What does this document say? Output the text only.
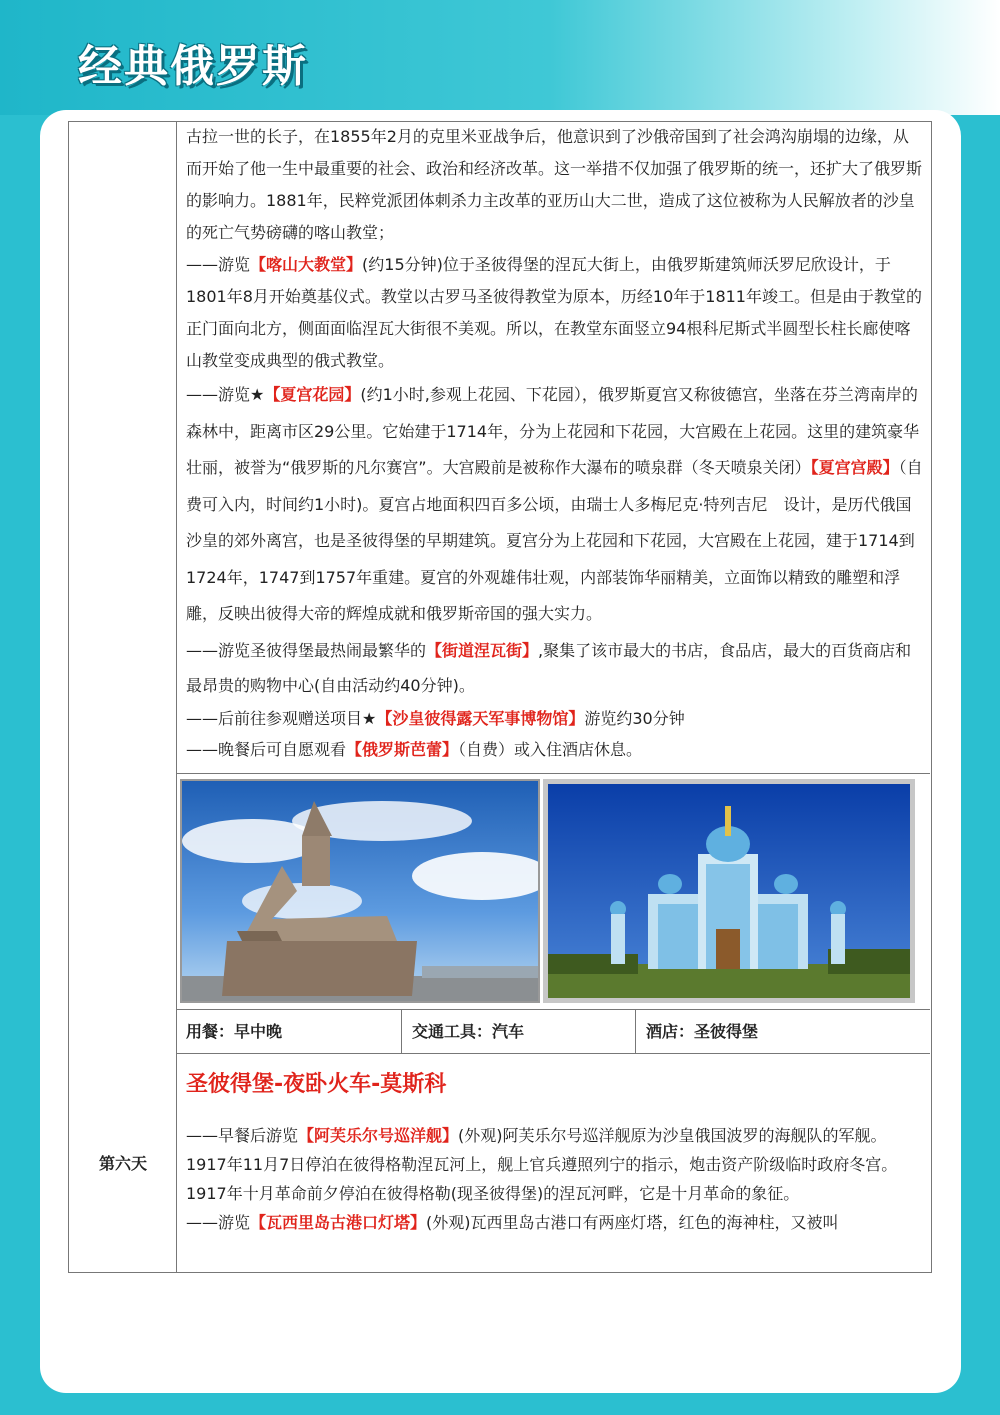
经典俄罗斯
第六天

古拉一世的长子，在1855年2月的克里米亚战争后，他意识到了沙俄帝国到了社会鸿沟崩塌的边缘，从而开始了他一生中最重要的社会、政治和经济改革。这一举措不仅加强了俄罗斯的统一，还扩大了俄罗斯的影响力。1881年，民粹党派团体刺杀力主改革的亚历山大二世，造成了这位被称为人民解放者的沙皇的死亡气势磅礴的喀山教堂；

——游览【喀山大教堂】(约15分钟)位于圣彼得堡的涅瓦大街上，由俄罗斯建筑师沃罗尼欣设计，于1801年8月开始奠基仪式。教堂以古罗马圣彼得教堂为原本，历经10年于1811年竣工。但是由于教堂的正门面向北方，侧面面临涅瓦大街很不美观。所以，在教堂东面竖立94根科尼斯式半圆型长柱长廊使喀山教堂变成典型的俄式教堂。

——游览★【夏宫花园】(约1小时,参观上花园、下花园），俄罗斯夏宫又称彼德宫，坐落在芬兰湾南岸的森林中，距离市区29公里。它始建于1714年，分为上花园和下花园，大宫殿在上花园。这里的建筑豪华壮丽，被誉为“俄罗斯的凡尔赛宫”。大宫殿前是被称作大瀑布的喷泉群（冬天喷泉关闭）【夏宫宫殿】（自费可入内，时间约1小时)。夏宫占地面积四百多公顷，由瑞士人多梅尼克·特列吉尼　设计，是历代俄国沙皇的郊外离宫，也是圣彼得堡的早期建筑。夏宫分为上花园和下花园，大宫殿在上花园，建于1714到1724年，1747到1757年重建。夏宫的外观雄伟壮观，内部装饰华丽精美，立面饰以精致的雕塑和浮雕，反映出彼得大帝的辉煌成就和俄罗斯帝国的强大实力。

——游览圣彼得堡最热闹最繁华的【街道涅瓦街】,聚集了该市最大的书店，食品店，最大的百货商店和最昂贵的购物中心(自由活动约40分钟)。

——后前往参观赠送项目★【沙皇彼得露天军事博物馆】游览约30分钟

——晚餐后可自愿观看【俄罗斯芭蕾】（自费）或入住酒店休息。

用餐：早中晚	交通工具：汽车	酒店：圣彼得堡
圣彼得堡-夜卧火车-莫斯科

——早餐后游览【阿芙乐尔号巡洋舰】(外观)阿芙乐尔号巡洋舰原为沙皇俄国波罗的海舰队的军舰。1917年11月7日停泊在彼得格勒涅瓦河上，舰上官兵遵照列宁的指示，炮击资产阶级临时政府冬宫。1917年十月革命前夕停泊在彼得格勒(现圣彼得堡)的涅瓦河畔，它是十月革命的象征。

——游览【瓦西里岛古港口灯塔】(外观)瓦西里岛古港口有两座灯塔，红色的海神柱，又被叫
